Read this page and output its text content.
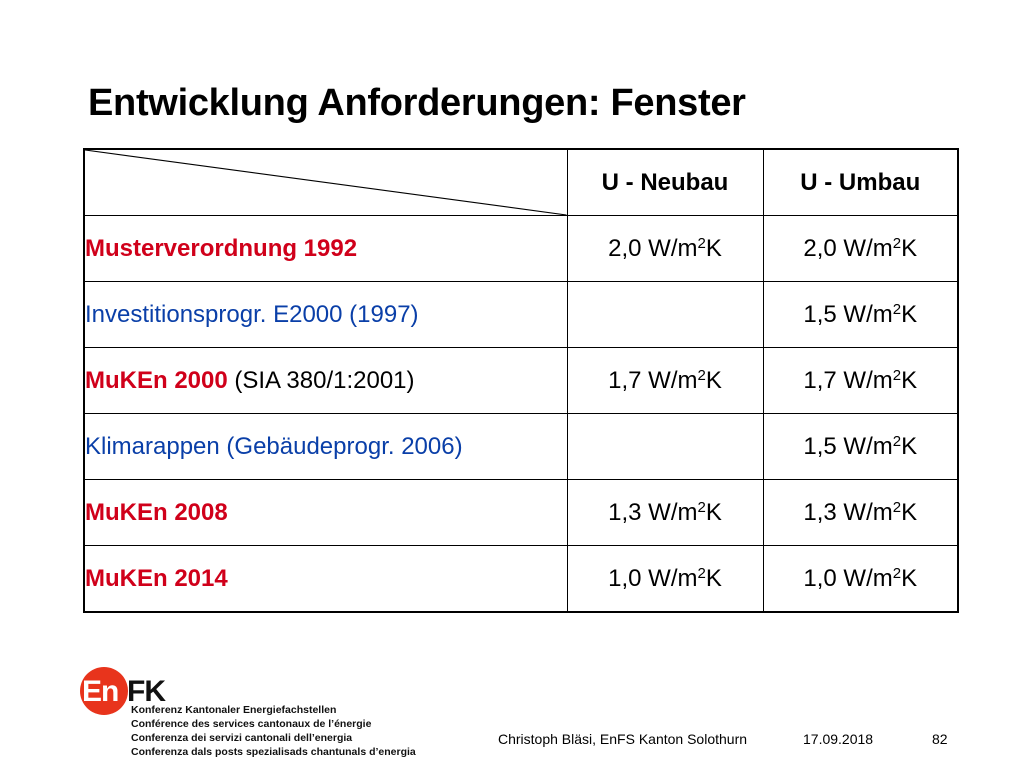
Entwicklung Anforderungen: Fenster
	U - Neubau	U - Umbau
Musterverordnung 1992	2,0 $W/m^2K$	2,0 $W/m^2K$
Investitionsprogr. E2000 (1997)		1,5 $W/m^2K$
MuKEn 2000 (SIA 380/1:2001)	1,7 $W/m^2K$	1,7 $W/m^2K$
Klimarappen (Gebäudeprogr. 2006)		1,5 $W/m^2K$
MuKEn 2008	1,3 $W/m^2K$	1,3 $W/m^2K$
MuKEn 2014	1,0 $W/m^2K$	1,0 $W/m^2K$
En FK
Konferenz Kantonaler Energiefachstellen
Conférence des services cantonaux de l’énergie
Conferenza dei servizi cantonali dell’energia
Conferenza dals posts spezialisads chantunals d’energia
Christoph Bläsi, EnFS Kanton Solothurn	17.09.2018	82
